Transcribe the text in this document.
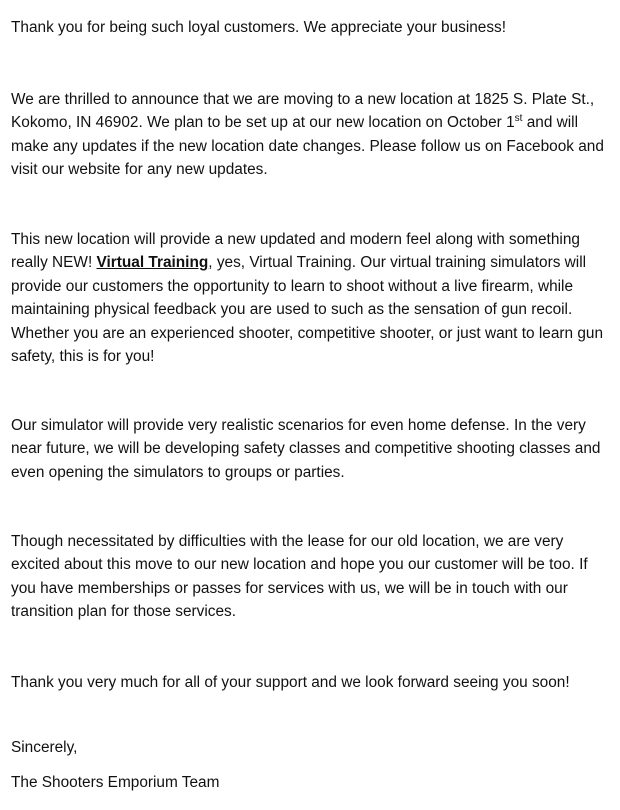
Thank you for being such loyal customers. We appreciate your business!

We are thrilled to announce that we are moving to a new location at 1825 S. Plate St., Kokomo, IN 46902. We plan to be set up at our new location on October 1st and will make any updates if the new location date changes. Please follow us on Facebook and visit our website for any new updates.

This new location will provide a new updated and modern feel along with something really NEW! Virtual Training, yes, Virtual Training. Our virtual training simulators will provide our customers the opportunity to learn to shoot without a live firearm, while maintaining physical feedback you are used to such as the sensation of gun recoil. Whether you are an experienced shooter, competitive shooter, or just want to learn gun safety, this is for you!

Our simulator will provide very realistic scenarios for even home defense. In the very near future, we will be developing safety classes and competitive shooting classes and even opening the simulators to groups or parties.

Though necessitated by difficulties with the lease for our old location, we are very excited about this move to our new location and hope you our customer will be too. If you have memberships or passes for services with us, we will be in touch with our transition plan for those services.

Thank you very much for all of your support and we look forward seeing you soon!

Sincerely,

The Shooters Emporium Team
